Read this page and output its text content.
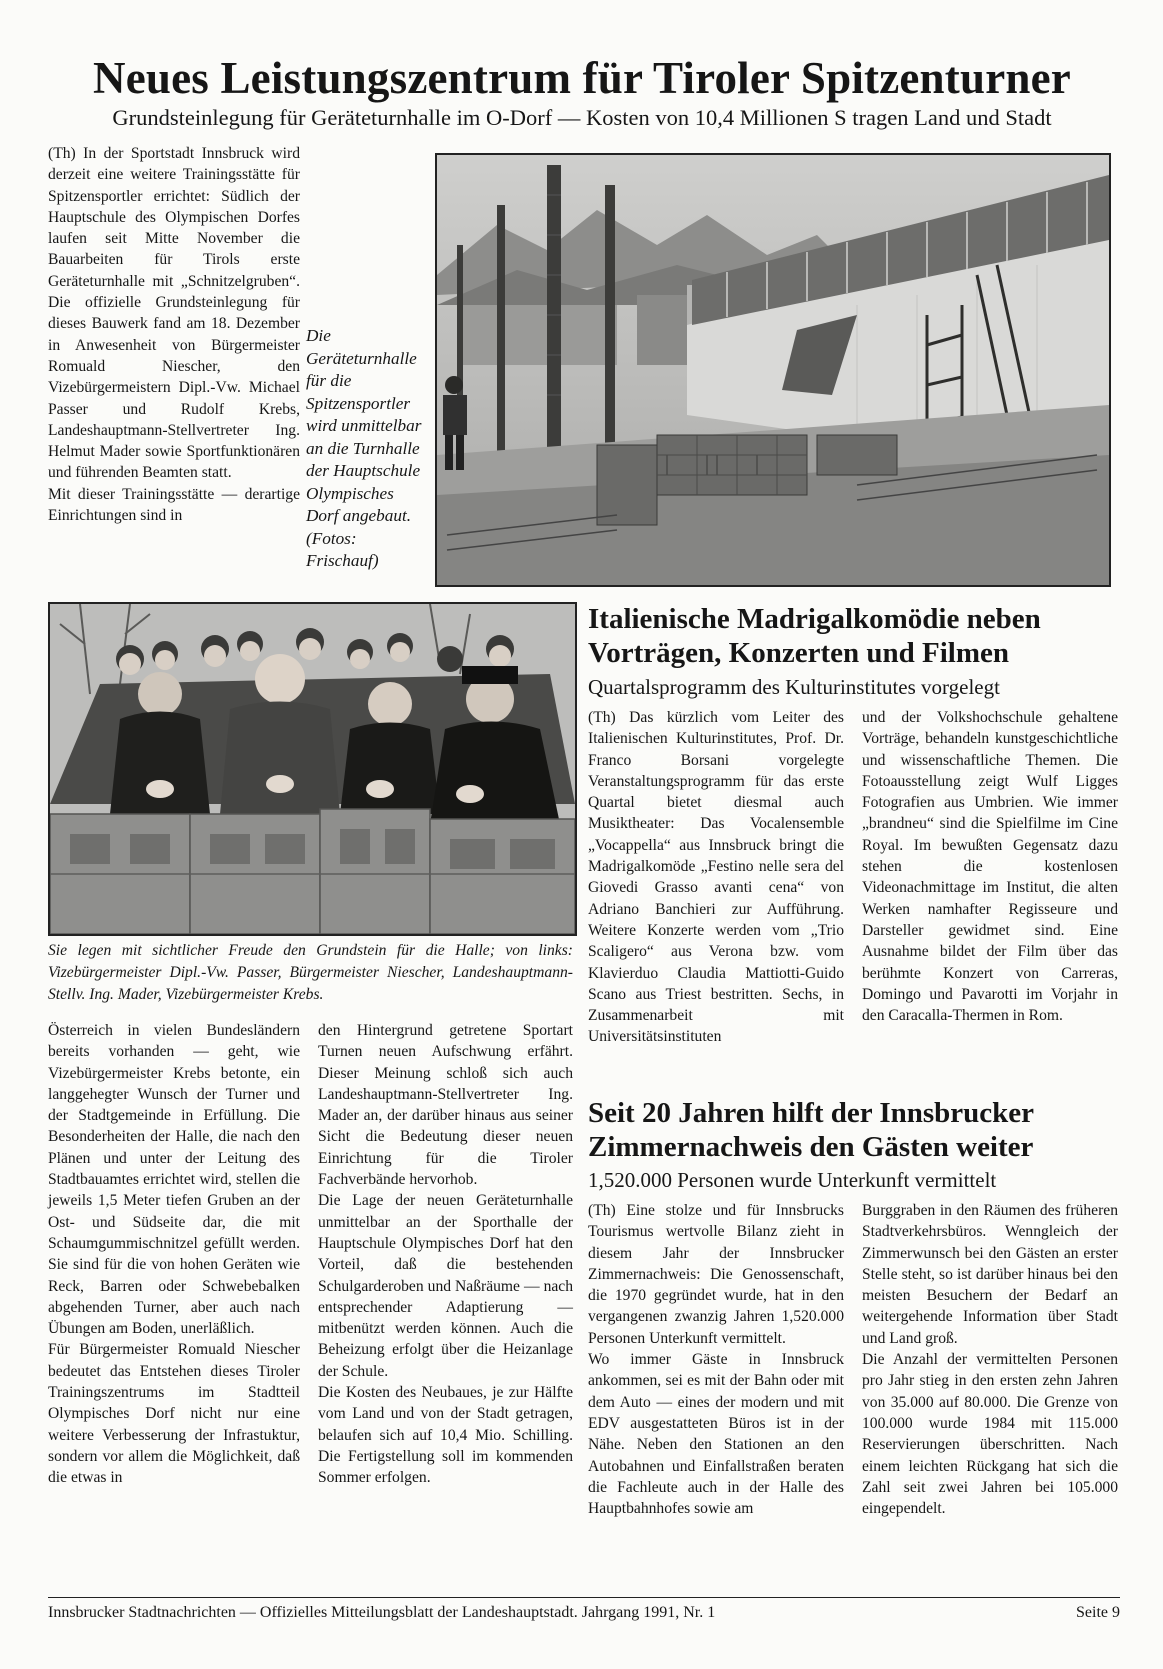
Neues Leistungszentrum für Tiroler Spitzenturner
Grundsteinlegung für Geräteturnhalle im O-Dorf — Kosten von 10,4 Millionen S tragen Land und Stadt

(Th) In der Sportstadt Innsbruck wird derzeit eine weitere Trainingsstätte für Spitzensportler errichtet: Südlich der Hauptschule des Olympischen Dorfes laufen seit Mitte November die Bauarbeiten für Tirols erste Geräteturnhalle mit „Schnitzelgruben“. Die offizielle Grundsteinlegung für dieses Bauwerk fand am 18. Dezember in Anwesenheit von Bürgermeister Romuald Niescher, den Vizebürgermeistern Dipl.-Vw. Michael Passer und Rudolf Krebs, Landeshauptmann-Stellvertreter Ing. Helmut Mader sowie Sportfunktionären und führenden Beamten statt.

Mit dieser Trainingsstätte — derartige Einrichtungen sind in

Die Geräteturnhalle für die Spitzensportler wird unmittelbar an die Turnhalle der Hauptschule Olympisches Dorf angebaut. (Fotos: Frischauf)
Sie legen mit sichtlicher Freude den Grundstein für die Halle; von links: Vizebürgermeister Dipl.-Vw. Passer, Bürgermeister Niescher, Landeshauptmann-Stellv. Ing. Mader, Vizebürgermeister Krebs.

Österreich in vielen Bundesländern bereits vorhanden — geht, wie Vizebürgermeister Krebs betonte, ein langgehegter Wunsch der Turner und der Stadtgemeinde in Erfüllung. Die Besonderheiten der Halle, die nach den Plänen und unter der Leitung des Stadtbauamtes errichtet wird, stellen die jeweils 1,5 Meter tiefen Gruben an der Ost- und Südseite dar, die mit Schaumgummischnitzel gefüllt werden. Sie sind für die von hohen Geräten wie Reck, Barren oder Schwebebalken abgehenden Turner, aber auch nach Übungen am Boden, unerläßlich.

Für Bürgermeister Romuald Niescher bedeutet das Entstehen dieses Tiroler Trainingszentrums im Stadtteil Olympisches Dorf nicht nur eine weitere Verbesserung der Infrastuktur, sondern vor allem die Möglichkeit, daß die etwas in

den Hintergrund getretene Sportart Turnen neuen Aufschwung erfährt. Dieser Meinung schloß sich auch Landeshauptmann-Stellvertreter Ing. Mader an, der darüber hinaus aus seiner Sicht die Bedeutung dieser neuen Einrichtung für die Tiroler Fachverbände hervorhob.

Die Lage der neuen Geräteturnhalle unmittelbar an der Sporthalle der Hauptschule Olympisches Dorf hat den Vorteil, daß die bestehenden Schulgarderoben und Naßräume — nach entsprechender Adaptierung — mitbenützt werden können. Auch die Beheizung erfolgt über die Heizanlage der Schule.

Die Kosten des Neubaues, je zur Hälfte vom Land und von der Stadt getragen, belaufen sich auf 10,4 Mio. Schilling. Die Fertigstellung soll im kommenden Sommer erfolgen.

Italienische Madrigalkomödie neben Vorträgen, Konzerten und Filmen
Quartalsprogramm des Kulturinstitutes vorgelegt

(Th) Das kürzlich vom Leiter des Italienischen Kulturinstitutes, Prof. Dr. Franco Borsani vorgelegte Veranstaltungsprogramm für das erste Quartal bietet diesmal auch Musiktheater: Das Vocalensemble „Vocappella“ aus Innsbruck bringt die Madrigalkomöde „Festino nelle sera del Giovedi Grasso avanti cena“ von Adriano Banchieri zur Aufführung. Weitere Konzerte werden vom „Trio Scaligero“ aus Verona bzw. vom Klavierduo Claudia Mattiotti-Guido Scano aus Triest bestritten. Sechs, in Zusammenarbeit mit Universitätsinstituten

und der Volkshochschule gehaltene Vorträge, behandeln kunstgeschichtliche und wissenschaftliche Themen. Die Fotoausstellung zeigt Wulf Ligges Fotografien aus Umbrien. Wie immer „brandneu“ sind die Spielfilme im Cine Royal. Im bewußten Gegensatz dazu stehen die kostenlosen Videonachmittage im Institut, die alten Werken namhafter Regisseure und Darsteller gewidmet sind. Eine Ausnahme bildet der Film über das berühmte Konzert von Carreras, Domingo und Pavarotti im Vorjahr in den Caracalla-Thermen in Rom.

Seit 20 Jahren hilft der Innsbrucker Zimmernachweis den Gästen weiter
1,520.000 Personen wurde Unterkunft vermittelt

(Th) Eine stolze und für Innsbrucks Tourismus wertvolle Bilanz zieht in diesem Jahr der Innsbrucker Zimmernachweis: Die Genossenschaft, die 1970 gegründet wurde, hat in den vergangenen zwanzig Jahren 1,520.000 Personen Unterkunft vermittelt.

Wo immer Gäste in Innsbruck ankommen, sei es mit der Bahn oder mit dem Auto — eines der modern und mit EDV ausgestatteten Büros ist in der Nähe. Neben den Stationen an den Autobahnen und Einfallstraßen beraten die Fachleute auch in der Halle des Hauptbahnhofes sowie am

Burggraben in den Räumen des früheren Stadtverkehrsbüros. Wenngleich der Zimmerwunsch bei den Gästen an erster Stelle steht, so ist darüber hinaus bei den meisten Besuchern der Bedarf an weitergehende Information über Stadt und Land groß.

Die Anzahl der vermittelten Personen pro Jahr stieg in den ersten zehn Jahren von 35.000 auf 80.000. Die Grenze von 100.000 wurde 1984 mit 115.000 Reservierungen überschritten. Nach einem leichten Rückgang hat sich die Zahl seit zwei Jahren bei 105.000 eingependelt.

Innsbrucker Stadtnachrichten — Offizielles Mitteilungsblatt der Landeshauptstadt. Jahrgang 1991, Nr. 1	Seite 9
